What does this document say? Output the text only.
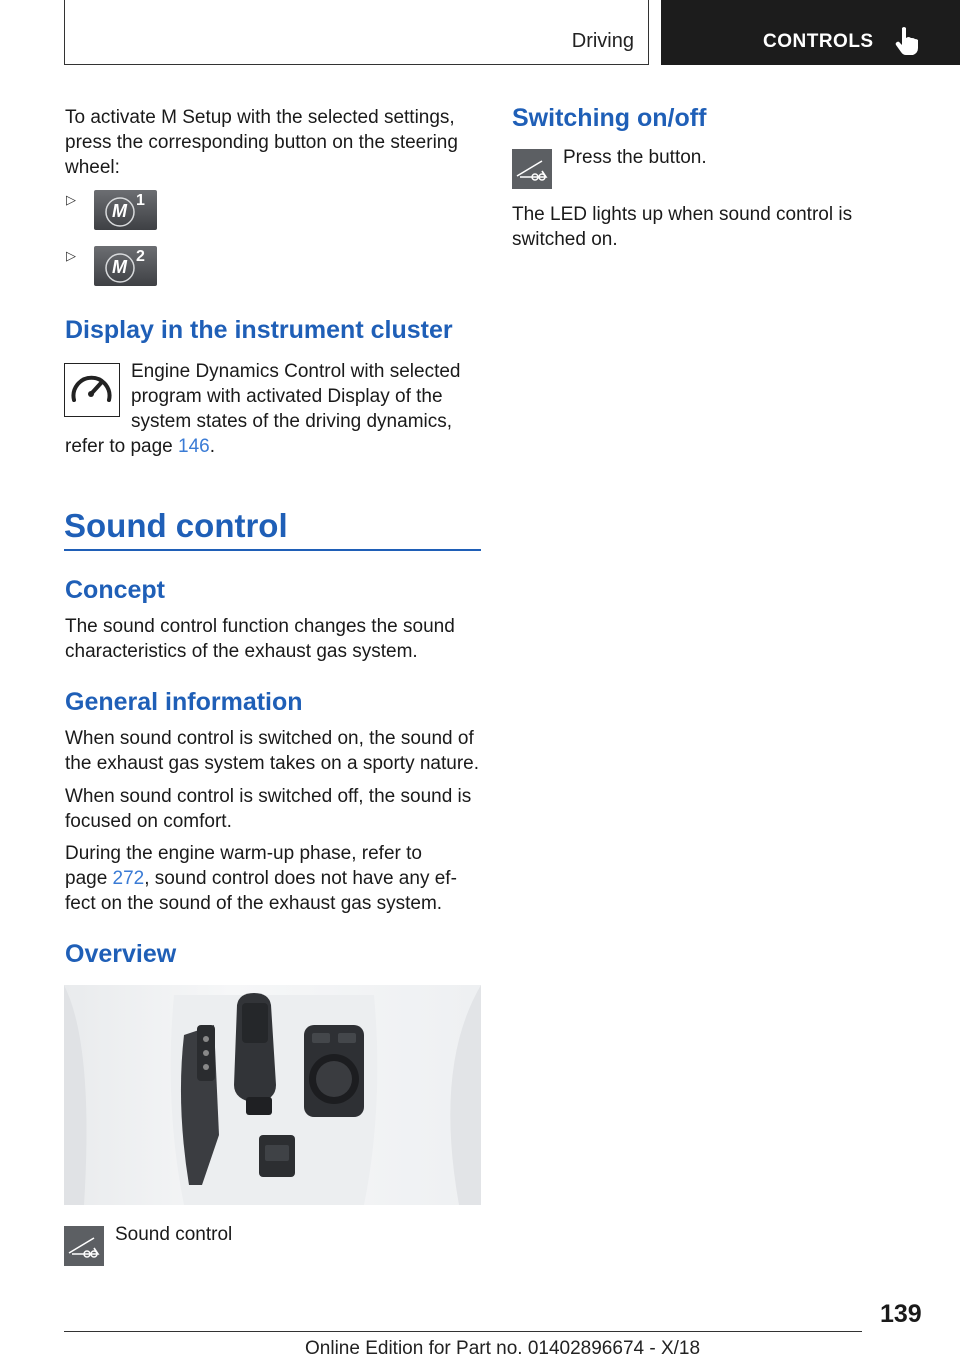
Driving	CONTROLS
To activate M Setup with the selected settings,
press the corresponding button on the steering
wheel:
▷
M
1
▷
M
2
Display in the instrument cluster
Engine Dynamics Control with selected
program with activated Display of the
system states of the driving dynamics,
refer to page 146.
Sound control
Concept
The sound control function changes the sound
characteristics of the exhaust gas system.
General information
When sound control is switched on, the sound of
the exhaust gas system takes on a sporty nature.
When sound control is switched off, the sound is
focused on comfort.
During the engine warm-up phase, refer to
page 272, sound control does not have any ef-
fect on the sound of the exhaust gas system.
Overview
Sound control
Switching on/off
Press the button.
The LED lights up when sound control is
switched on.
139
Online Edition for Part no. 01402896674 - X/18
